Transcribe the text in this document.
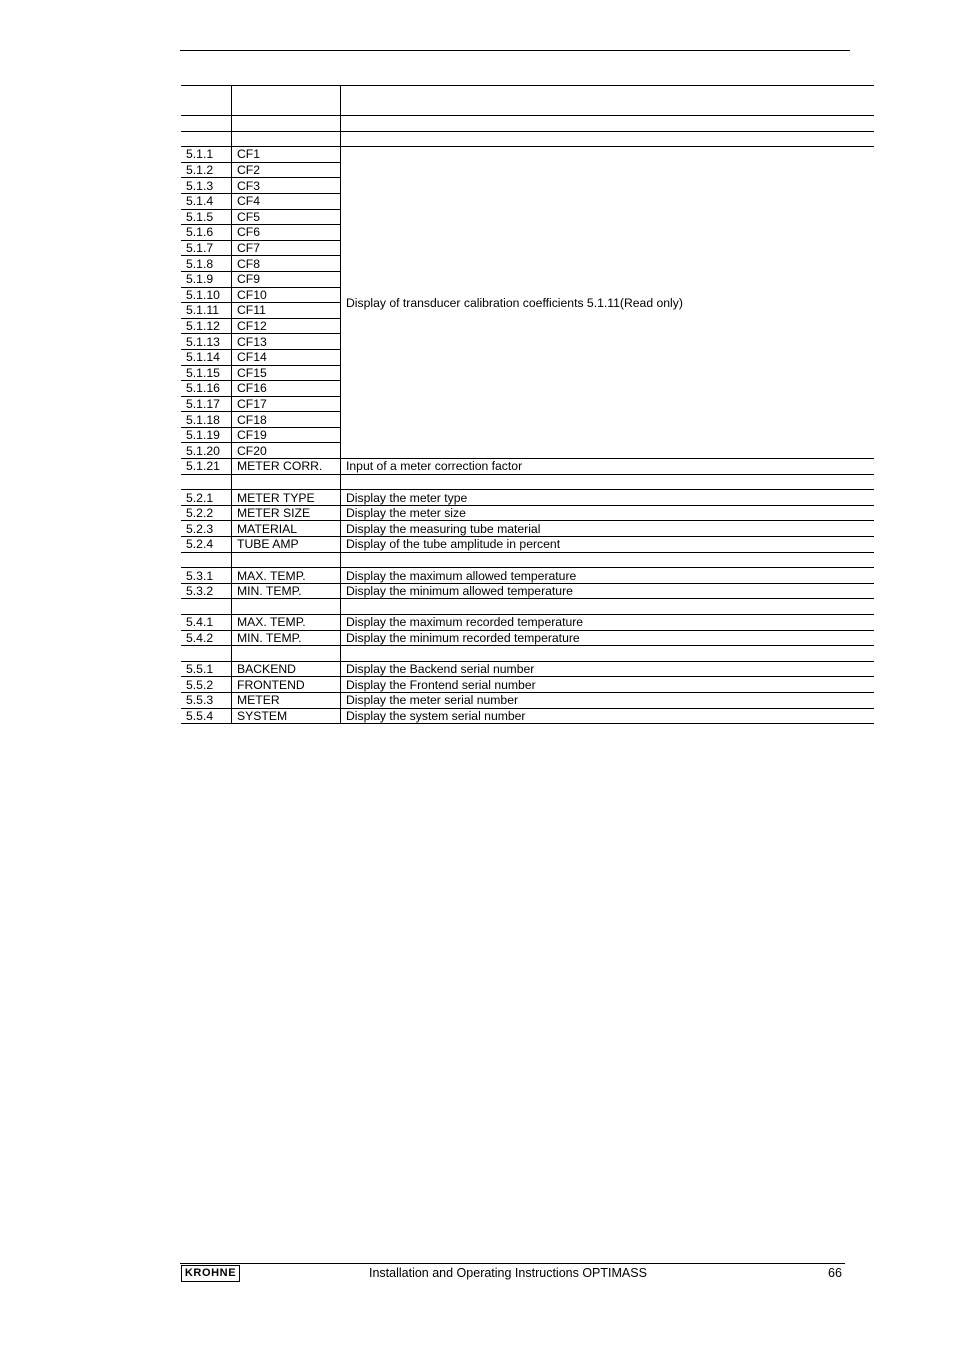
5.1.1	CF1	Display of transducer calibration coefficients 5.1.11(Read only)
5.1.2	CF2	
5.1.3	CF3	
5.1.4	CF4	
5.1.5	CF5	
5.1.6	CF6	
5.1.7	CF7	
5.1.8	CF8	
5.1.9	CF9	
5.1.10	CF10	
5.1.11	CF11	
5.1.12	CF12	
5.1.13	CF13	
5.1.14	CF14	
5.1.15	CF15	
5.1.16	CF16	
5.1.17	CF17	
5.1.18	CF18	
5.1.19	CF19	
5.1.20	CF20	
5.1.21	METER CORR.	Input of a meter correction factor

5.2.1	METER TYPE	Display the meter type
5.2.2	METER SIZE	Display the meter size
5.2.3	MATERIAL	Display the measuring tube material
5.2.4	TUBE AMP	Display of the tube amplitude in percent

5.3.1	MAX. TEMP.	Display the maximum allowed temperature
5.3.2	MIN. TEMP.	Display the minimum allowed temperature

5.4.1	MAX. TEMP.	Display the maximum recorded temperature
5.4.2	MIN. TEMP.	Display the minimum recorded temperature

5.5.1	BACKEND	Display the Backend serial number
5.5.2	FRONTEND	Display the Frontend serial number
5.5.3	METER	Display the meter serial number
5.5.4	SYSTEM	Display the system serial number
KROHNE	Installation and Operating Instructions OPTIMASS	66
